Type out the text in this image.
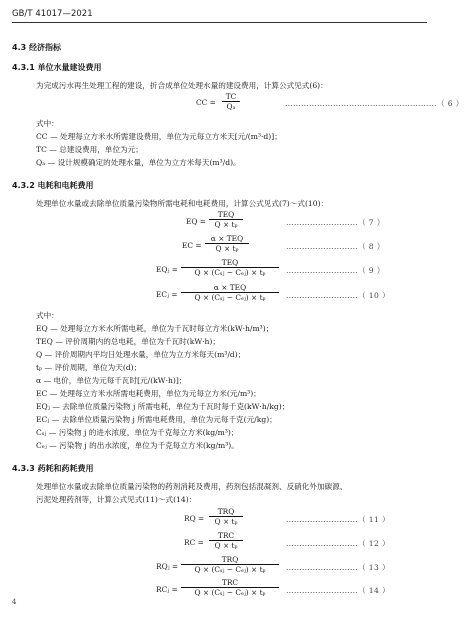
GB/T 41017—2021
4.3 经济指标
4.3.1 单位水量建设费用
为完成污水再生处理工程的建设，折合成单位处理水量的建设费用，计算公式见式(6)：
CC =
TC
Qₐ	…………………………………………………（ 6 ）
式中：
CC — 处理每立方米水所需建设费用，单位为元每立方米天[元/(m³·d)]；
TC — 总建设费用，单位为元；
Qₐ — 设计规模确定的处理水量，单位为立方米每天(m³/d)。
4.3.2 电耗和电耗费用
处理单位水量或去除单位质量污染物所需电耗和电耗费用，计算公式见式(7)～式(10)：
EQ =
TEQ
Q × tₚ	………………………（ 7 ）
EC =
α × TEQ
Q × tₚ	………………………（ 8 ）
EQⱼ =
TEQ
Q × (Cₛⱼ − Cₑⱼ) × tₚ	………………………（ 9 ）
ECⱼ =
α × TEQ
Q × (Cₛⱼ − Cₑⱼ) × tₚ	………………………（ 10 ）
式中：
EQ — 处理每立方米水所需电耗，单位为千瓦时每立方米(kW·h/m³)；
TEQ — 评价周期内的总电耗，单位为千瓦时(kW·h)；
Q — 评价周期内平均日处理水量，单位为立方米每天(m³/d)；
tₚ — 评价周期，单位为天(d)；
α — 电价，单位为元每千瓦时[元/(kW·h)]；
EC — 处理每立方米水所需电耗费用，单位为元每立方米(元/m³)；
EQⱼ — 去除单位质量污染物 j 所需电耗，单位为千瓦时每千克(kW·h/kg)；
ECⱼ — 去除单位质量污染物 j 所需电耗费用，单位为元每千克(元/kg)；
Cₛⱼ — 污染物 j 的进水浓度，单位为千克每立方米(kg/m³)；
Cₑⱼ — 污染物 j 的出水浓度，单位为千克每立方米(kg/m³)。
4.3.3 药耗和药耗费用
处理单位水量或去除单位质量污染物的药剂消耗及费用，药剂包括混凝剂、反硝化外加碳源、
污泥处理药剂等，计算公式见式(11)～式(14)：
RQ =
TRQ
Q × tₚ	………………………（ 11 ）
RC =
TRC
Q × tₚ	………………………（ 12 ）
RQⱼ =
TRQ
Q × (Cₛⱼ − Cₑⱼ) × tₚ	………………………（ 13 ）
RCⱼ =
TRC
Q × (Cₛⱼ − Cₑⱼ) × tₚ	………………………（ 14 ）
4
